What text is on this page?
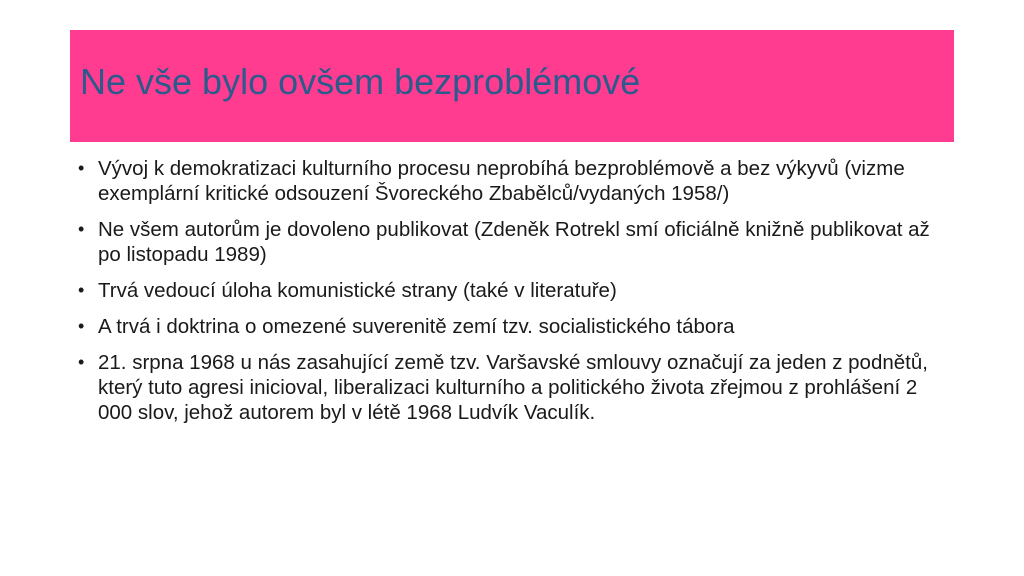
Ne vše bylo ovšem bezproblémové
• Vývoj k demokratizaci kulturního procesu neprobíhá bezproblémově a bez výkyvů (vizme exemplární kritické odsouzení Švoreckého Zbabělců/vydaných 1958/)
• Ne všem autorům je dovoleno publikovat (Zdeněk Rotrekl smí oficiálně knižně publikovat až po listopadu 1989)
• Trvá vedoucí úloha komunistické strany (také v literatuře)
• A trvá i doktrina o omezené suverenitě zemí tzv. socialistického tábora
• 21. srpna 1968 u nás zasahující země tzv. Varšavské smlouvy označují za jeden z podnětů, který tuto agresi inicioval, liberalizaci kulturního a politického života zřejmou z prohlášení 2 000 slov, jehož autorem byl v létě 1968 Ludvík Vaculík.
